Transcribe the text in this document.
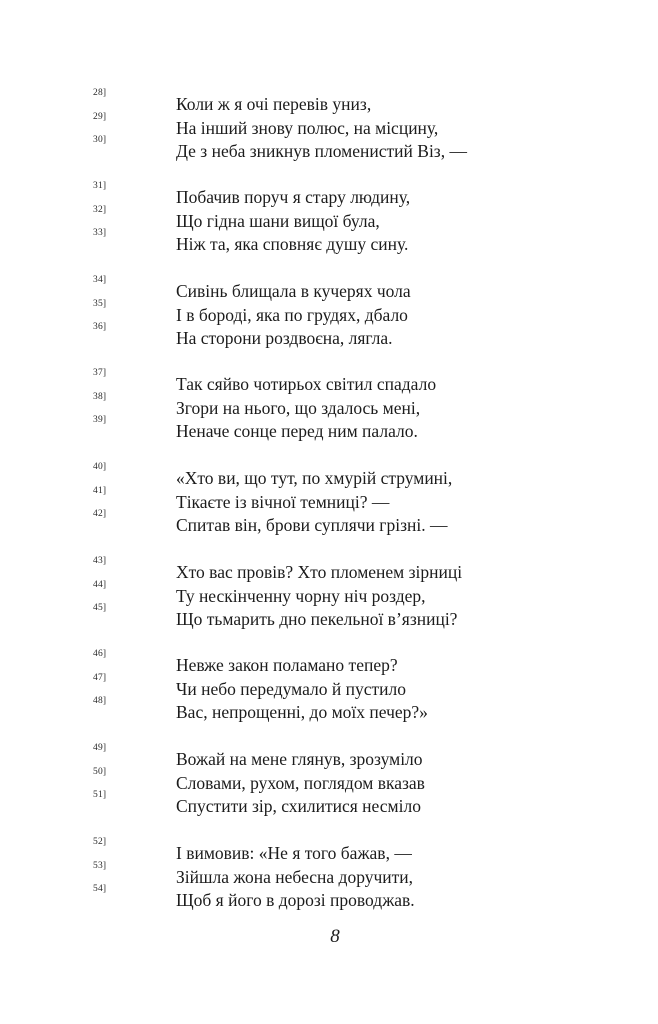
28]
Коли ж я очі перевів униз,
29]
На інший знову полюс, на місцину,
30]
Де з неба зникнув пломенистий Віз, —
31]
Побачив поруч я стару людину,
32]
Що гідна шани вищої була,
33]
Ніж та, яка сповняє душу сину.
34]
Сивінь блищала в кучерях чола
35]
І в бороді, яка по грудях, дбало
36]
На сторони роздвоєна, лягла.
37]
Так сяйво чотирьох світил спадало
38]
Згори на нього, що здалось мені,
39]
Неначе сонце перед ним палало.
40]
«Хто ви, що тут, по хмурій струмині,
41]
Тікаєте із вічної темниці? —
42]
Спитав він, брови суплячи грізні. —
43]
Хто вас провів? Хто пломенем зірниці
44]
Ту нескінченну чорну ніч роздер,
45]
Що тьмарить дно пекельної в’язниці?
46]
Невже закон поламано тепер?
47]
Чи небо передумало й пустило
48]
Вас, непрощенні, до моїх печер?»
49]
Вожай на мене глянув, зрозуміло
50]
Словами, рухом, поглядом вказав
51]
Спустити зір, схилитися несміло
52]
І вимовив: «Не я того бажав, —
53]
Зійшла жона небесна доручити,
54]
Щоб я його в дорозі проводжав.
8
